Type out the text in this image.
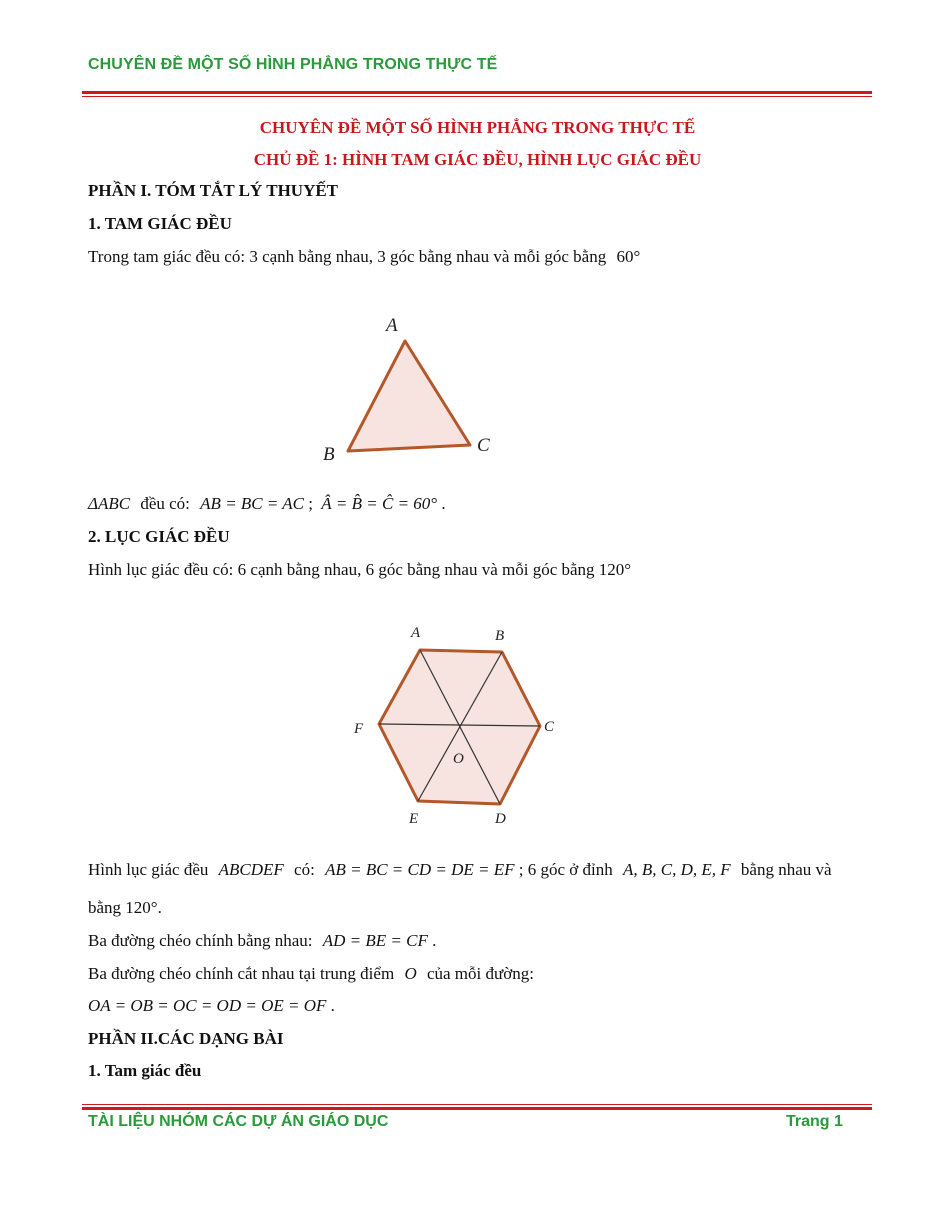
CHUYÊN ĐỀ MỘT SỐ HÌNH PHẲNG TRONG THỰC TẾ
CHUYÊN ĐỀ MỘT SỐ HÌNH PHẲNG TRONG THỰC TẾ
CHỦ ĐỀ 1: HÌNH TAM GIÁC ĐỀU, HÌNH LỤC GIÁC ĐỀU
PHẦN I. TÓM TẮT LÝ THUYẾT
1. TAM GIÁC ĐỀU
Trong tam giác đều có: 3 cạnh bằng nhau, 3 góc bằng nhau và mỗi góc bằng 60°
A
B	C
ΔABC đều có: AB = BC = AC ; Â = B̂ = Ĉ = 60° .
2. LỤC GIÁC ĐỀU
Hình lục giác đều có: 6 cạnh bằng nhau, 6 góc bằng nhau và mỗi góc bằng 120°
A	B
C
D
E
F
O
Hình lục giác đều ABCDEF có: AB = BC = CD = DE = EF ; 6 góc ở đỉnh A, B, C, D, E, F bằng nhau và
bằng 120°.
Ba đường chéo chính bằng nhau: AD = BE = CF .
Ba đường chéo chính cắt nhau tại trung điểm O của mỗi đường:
OA = OB = OC = OD = OE = OF .
PHẦN II.CÁC DẠNG BÀI
1. Tam giác đều
TÀI LIỆU NHÓM CÁC DỰ ÁN GIÁO DỤC	Trang 1
